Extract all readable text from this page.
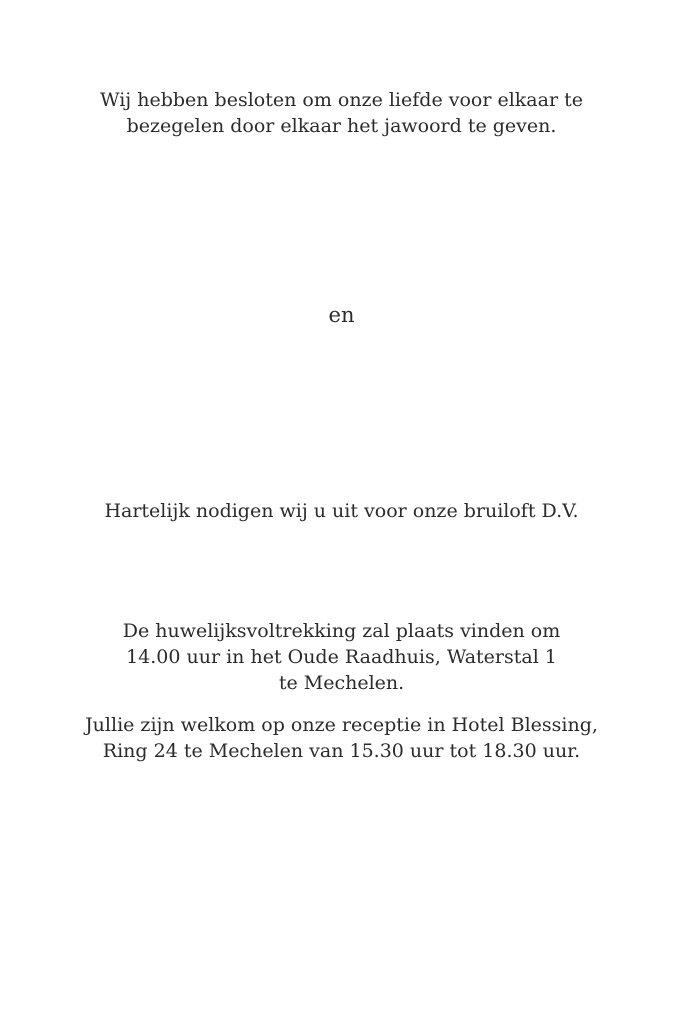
Wij hebben besloten om onze liefde voor elkaar te
bezegelen door elkaar het jawoord te geven.
en
Hartelijk nodigen wij u uit voor onze bruiloft D.V.
De huwelijksvoltrekking zal plaats vinden om
14.00 uur in het Oude Raadhuis, Waterstal 1
te Mechelen.
Jullie zijn welkom op onze receptie in Hotel Blessing,
Ring 24 te Mechelen van 15.30 uur tot 18.30 uur.
